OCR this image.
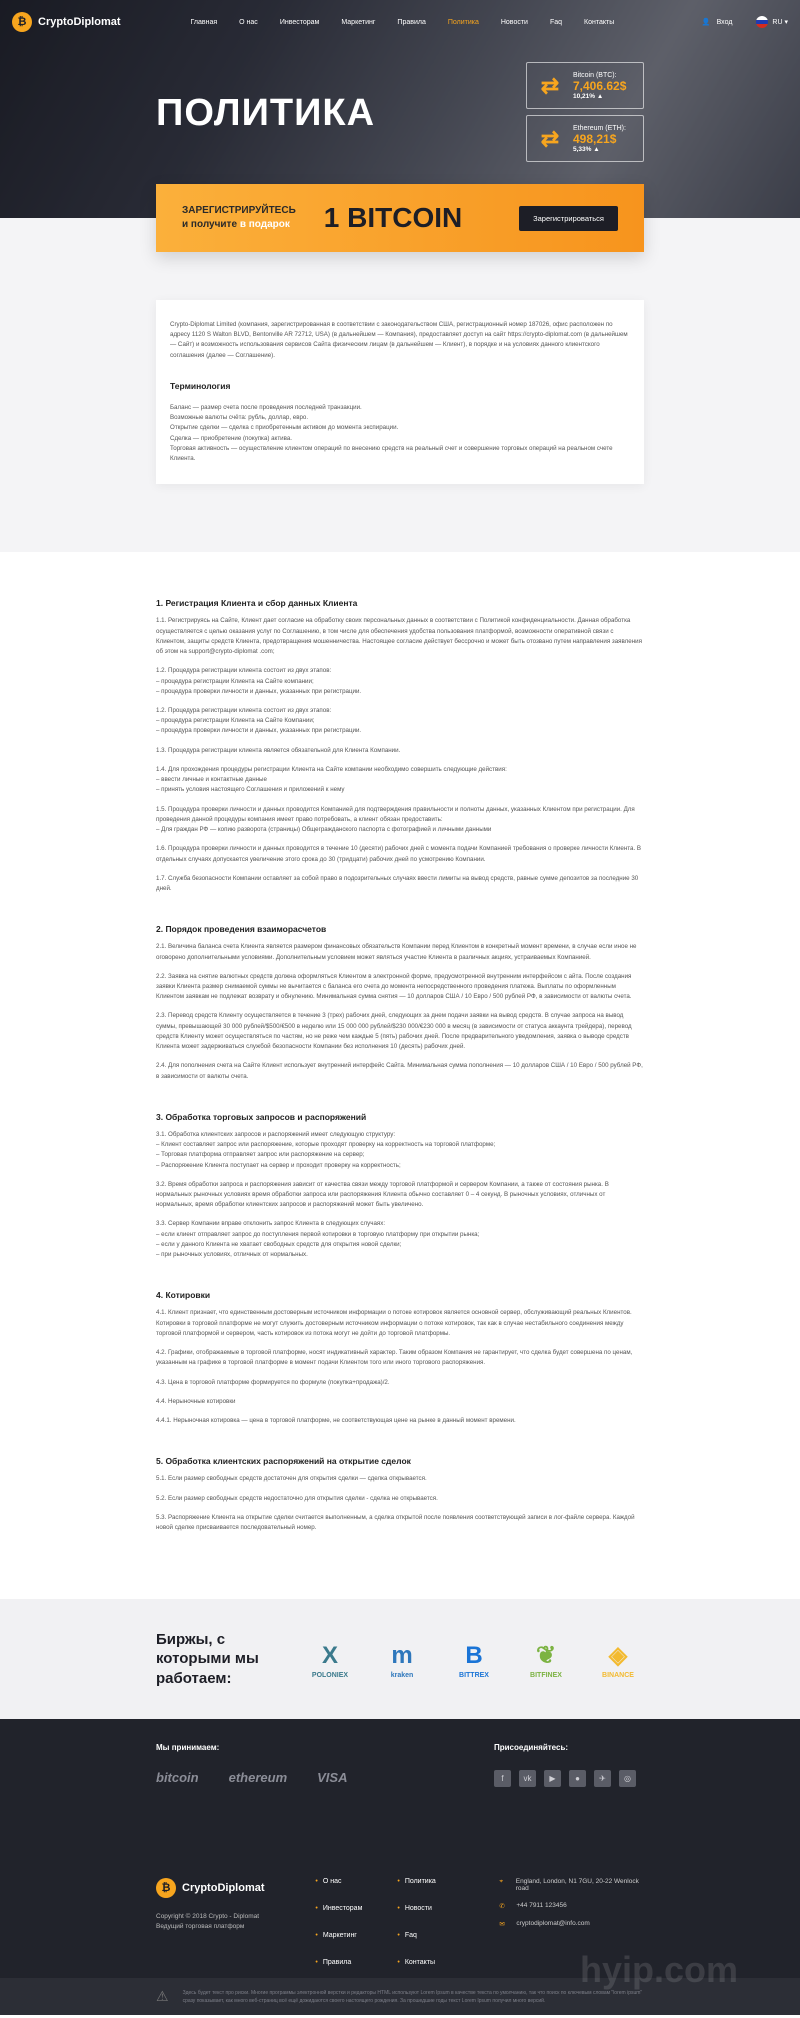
₿	CryptoDiplomat	Главная	О нас	Инвесторам	Маркетинг	Правила	Политика	Новости	Faq	Контакты	👤 Вход	RU ▾
ПОЛИТИКА
⇄	Bitcoin (BTC):
7,406.62$
10,21% ▲
⇄	Ethereum (ETH):
498,21$
5,33% ▲
ЗАРЕГИСТРИРУЙТЕСЬ
и получите в подарок 1 BITCOIN	Зарегистрироваться
Crypto-Diplomat Limited (компания, зарегистрированная в соответствии с законодательством США, регистрационный номер 187026, офис расположен по адресу 1120 S Walton BLVD, Bentonville AR 72712, USA) (в дальнейшем — Компания), предоставляет доступ на сайт https://crypto-diplomat.com (в дальнейшем — Сайт) и возможность использования сервисов Сайта физическим лицам (в дальнейшем — Клиент), в порядке и на условиях данного клиентского соглашения (далее — Соглашение).
Терминология
Баланс — размер счета после проведения последней транзакции.
Возможные валюты счёта: рубль, доллар, евро.
Открытие сделки — сделка с приобретенным активом до момента экспирации.
Сделка — приобретение (покупка) актива.
Торговая активность — осуществление клиентом операций по внесению средств на реальный счет и совершение торговых операций на реальном счете Клиента.
1. Регистрация Клиента и сбор данных Клиента
1.1. Регистрируясь на Сайте, Клиент дает согласие на обработку своих персональных данных в соответствии с Политикой конфиденциальности. Данная обработка осуществляется с целью оказания услуг по Соглашению, в том числе для обеспечения удобства пользования платформой, возможности оперативной связи с Клиентом, защиты средств Клиента, предотвращения мошенничества. Настоящее согласие действует бессрочно и может быть отозвано путем направления заявления об этом на support@crypto-diplomat .com;
1.2. Процедура регистрации клиента состоит из двух этапов:
– процедура регистрации Клиента на Сайте компании;
– процедура проверки личности и данных, указанных при регистрации.
1.2. Процедура регистрации клиента состоит из двух этапов:
– процедура регистрации Клиента на Сайте Компании;
– процедура проверки личности и данных, указанных при регистрации.
1.3. Процедура регистрации клиента является обязательной для Клиента Компании.
1.4. Для прохождения процедуры регистрации Клиента на Сайте компании необходимо совершить следующие действия:
– ввести личные и контактные данные
– принять условия настоящего Соглашения и приложений к нему
1.5. Процедура проверки личности и данных проводится Компанией для подтверждения правильности и полноты данных, указанных Клиентом при регистрации. Для проведения данной процедуры компания имеет право потребовать, а клиент обязан предоставить:
– Для граждан РФ — копию разворота (страницы) Общегражданского паспорта с фотографией и личными данными
1.6. Процедура проверки личности и данных проводится в течение 10 (десяти) рабочих дней с момента подачи Компанией требования о проверке личности Клиента. В отдельных случаях допускается увеличение этого срока до 30 (тридцати) рабочих дней по усмотрению Компании.
1.7. Служба безопасности Компании оставляет за собой право в подозрительных случаях ввести лимиты на вывод средств, равные сумме депозитов за последние 30 дней.
2. Порядок проведения взаиморасчетов
2.1. Величина баланса счета Клиента является размером финансовых обязательств Компании перед Клиентом в конкретный момент времени, в случае если иное не оговорено дополнительными условиями. Дополнительным условием может являться участие Клиента в различных акциях, устраиваемых Компанией.
2.2. Заявка на снятие валютных средств должна оформляться Клиентом в электронной форме, предусмотренной внутренним интерфейсом с айта. После создания заявки Клиента размер снимаемой суммы не вычитается с баланса его счета до момента непосредственного проведения платежа. Выплаты по оформленным Клиентом заявкам не подлежат возврату и обнулению. Минимальная сумма снятия — 10 долларов США / 10 Евро / 500 рублей РФ, в зависимости от валюты счета.
2.3. Перевод средств Клиенту осуществляется в течение 3 (трех) рабочих дней, следующих за днем подачи заявки на вывод средств. В случае запроса на вывод суммы, превышающей 30 000 рублей/$500/€500 в неделю или 15 000 000 рублей/$230 000/€230 000 в месяц (в зависимости от статуса аккаунта трейдера), перевод средств Клиенту может осуществляться по частям, но не реже чем каждые 5 (пять) рабочих дней. После предварительного уведомления, заявка о выводе средств Клиента может задерживаться службой безопасности Компании без исполнения 10 (десять) рабочих дней.
2.4. Для пополнения счета на Сайте Клиент использует внутренний интерфейс Сайта. Минимальная сумма пополнения — 10 долларов США / 10 Евро / 500 рублей РФ, в зависимости от валюты счета.
3. Обработка торговых запросов и распоряжений
3.1. Обработка клиентских запросов и распоряжений имеет следующую структуру:
– Клиент составляет запрос или распоряжение, которые проходят проверку на корректность на торговой платформе;
– Торговая платформа отправляет запрос или распоряжение на сервер;
– Распоряжение Клиента поступает на сервер и проходит проверку на корректность;
3.2. Время обработки запроса и распоряжения зависит от качества связи между торговой платформой и сервером Компании, а также от состояния рынка. В нормальных рыночных условиях время обработки запроса или распоряжения Клиента обычно составляет 0 – 4 секунд. В рыночных условиях, отличных от нормальных, время обработки клиентских запросов и распоряжений может быть увеличено.
3.3. Сервер Компании вправе отклонить запрос Клиента в следующих случаях:
– если клиент отправляет запрос до поступления первой котировки в торговую платформу при открытии рынка;
– если у данного Клиента не хватает свободных средств для открытия новой сделки;
– при рыночных условиях, отличных от нормальных.
4. Котировки
4.1. Клиент признает, что единственным достоверным источником информации о потоке котировок является основной сервер, обслуживающий реальных Клиентов. Котировки в торговой платформе не могут служить достоверным источником информации о потоке котировок, так как в случае нестабильного соединения между торговой платформой и сервером, часть котировок из потока могут не дойти до торговой платформы.
4.2. Графики, отображаемые в торговой платформе, носят индикативный характер. Таким образом Компания не гарантирует, что сделка будет совершена по ценам, указанным на графике в торговой платформе в момент подачи Клиентом того или иного торгового распоряжения.
4.3. Цена в торговой платформе формируется по формуле (покупка+продажа)/2.
4.4. Нерыночные котировки
4.4.1. Нерыночная котировка — цена в торговой платформе, не соответствующая цене на рынке в данный момент времени.
5. Обработка клиентских распоряжений на открытие сделок
5.1. Если размер свободных средств достаточен для открытия сделки — сделка открывается.
5.2. Если размер свободных средств недостаточно для открытия сделки - сделка не открывается.
5.3. Распоряжение Клиента на открытие сделки считается выполненным, а сделка открытой после появления соответствующей записи в лог-файле сервера. Каждой новой сделке присваивается последовательный номер.
Биржы, с которыми мы работаем:
X
POLONIEX
m
kraken
B
BITTREX
❦
BITFINEX
◈
BINANCE
Мы принимаем:
bitcoin ethereum VISA
Присоединяйтесь:
f	vk	▶	●	✈	◎
₿	CryptoDiplomat
Copyright © 2018 Crypto - Diplomat
Ведущий торговая платформ
• О нас	• Политика
• Инвесторам	• Новости
• Маркетинг	• Faq
• Правила	• Контакты
⌖	England, London, N1 7GU, 20-22 Wenlock road
✆	+44 7911 123456
✉	cryptodiplomat@info.com
hyip.com
⚠	Здесь будет текст про риски. Многие программы электронной верстки и редакторы HTML используют Lorem Ipsum в качестве текста по умолчанию, так что поиск по ключевым словам "lorem ipsum" сразу показывает, как много веб-страниц всё ещё дожидаются своего настоящего рождения. За прошедшие годы текст Lorem Ipsum получил много версий.
